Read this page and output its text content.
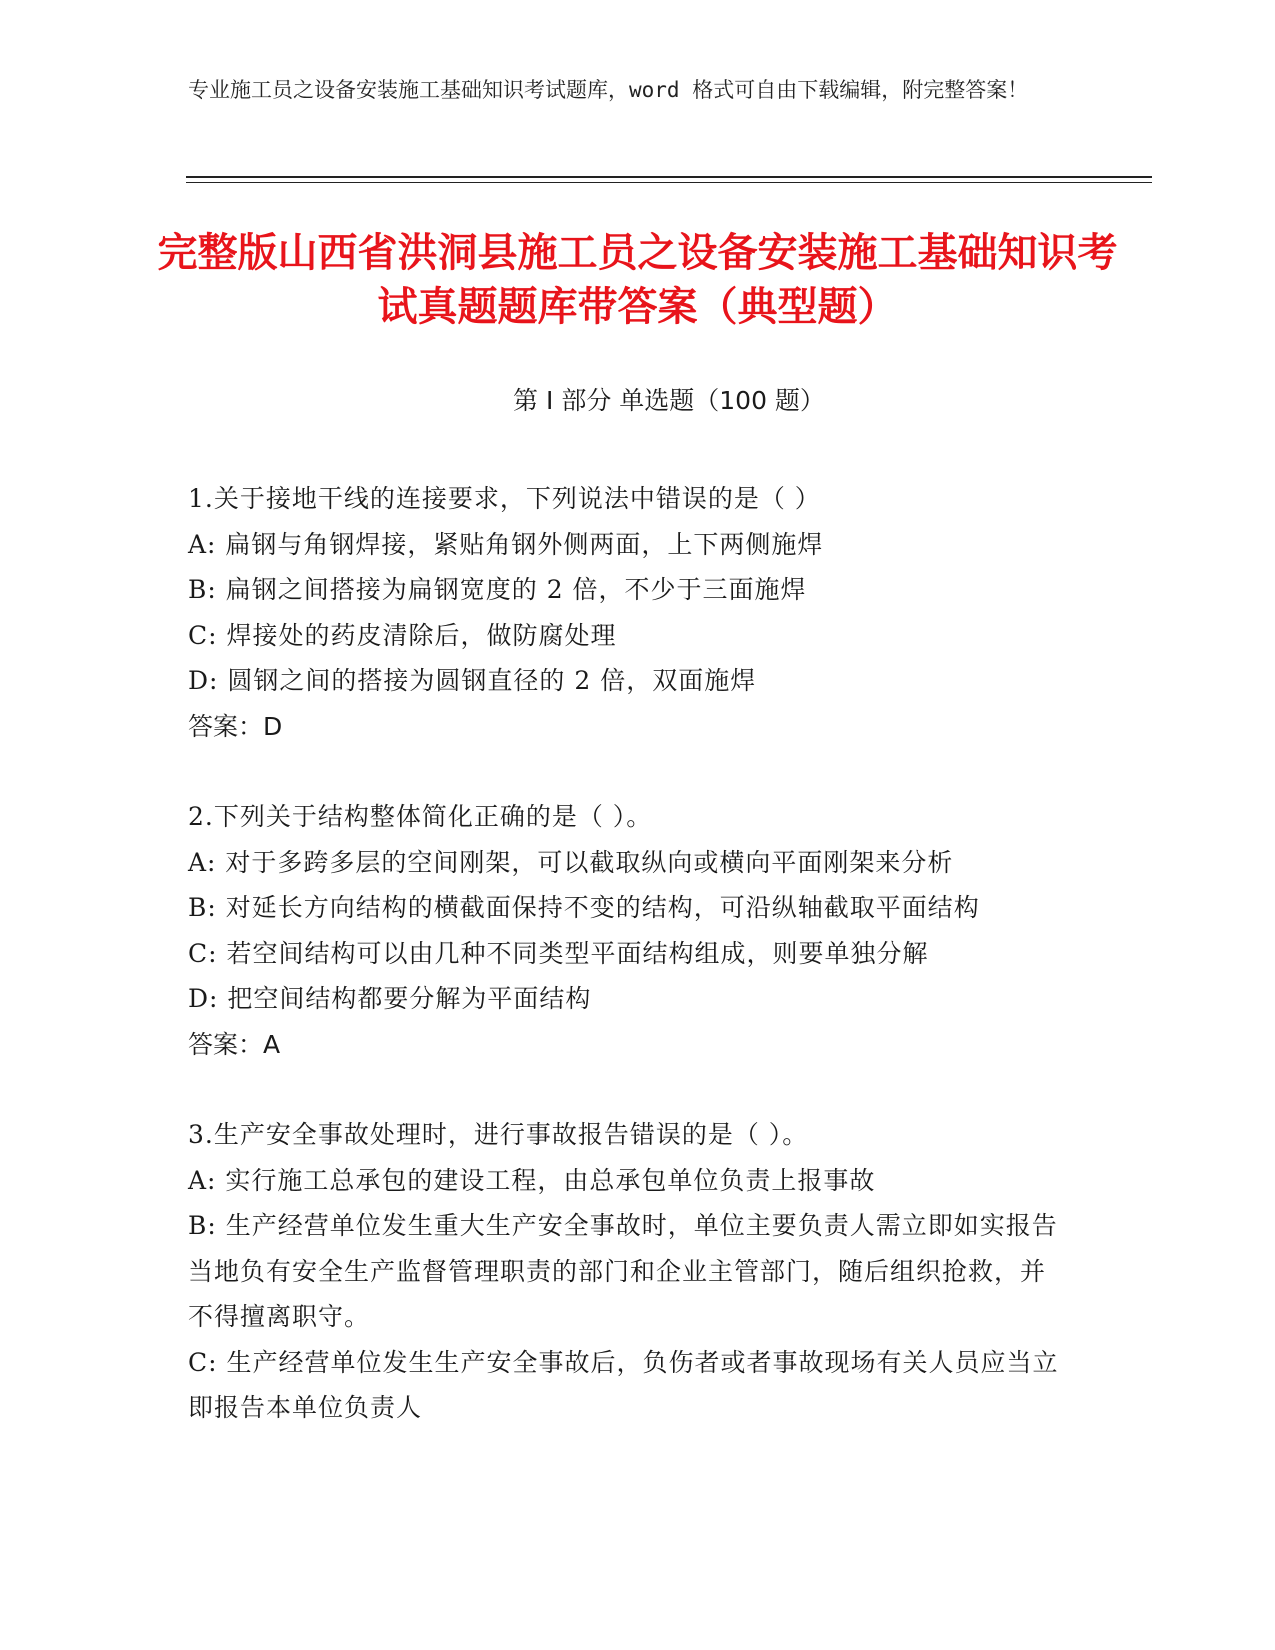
专业施工员之设备安装施工基础知识考试题库，word 格式可自由下载编辑，附完整答案！
完整版山西省洪洞县施工员之设备安装施工基础知识考试真题题库带答案（典型题）
第 I 部分 单选题（100 题）
1.关于接地干线的连接要求，下列说法中错误的是（ ）
A: 扁钢与角钢焊接，紧贴角钢外侧两面，上下两侧施焊
B: 扁钢之间搭接为扁钢宽度的 2 倍，不少于三面施焊
C: 焊接处的药皮清除后，做防腐处理
D: 圆钢之间的搭接为圆钢直径的 2 倍，双面施焊
答案：D
2.下列关于结构整体简化正确的是（ ）。
A: 对于多跨多层的空间刚架，可以截取纵向或横向平面刚架来分析
B: 对延长方向结构的横截面保持不变的结构，可沿纵轴截取平面结构
C: 若空间结构可以由几种不同类型平面结构组成，则要单独分解
D: 把空间结构都要分解为平面结构
答案：A
3.生产安全事故处理时，进行事故报告错误的是（ ）。
A: 实行施工总承包的建设工程，由总承包单位负责上报事故
B: 生产经营单位发生重大生产安全事故时，单位主要负责人需立即如实报告当地负有安全生产监督管理职责的部门和企业主管部门，随后组织抢救，并不得擅离职守。
C: 生产经营单位发生生产安全事故后，负伤者或者事故现场有关人员应当立即报告本单位负责人
